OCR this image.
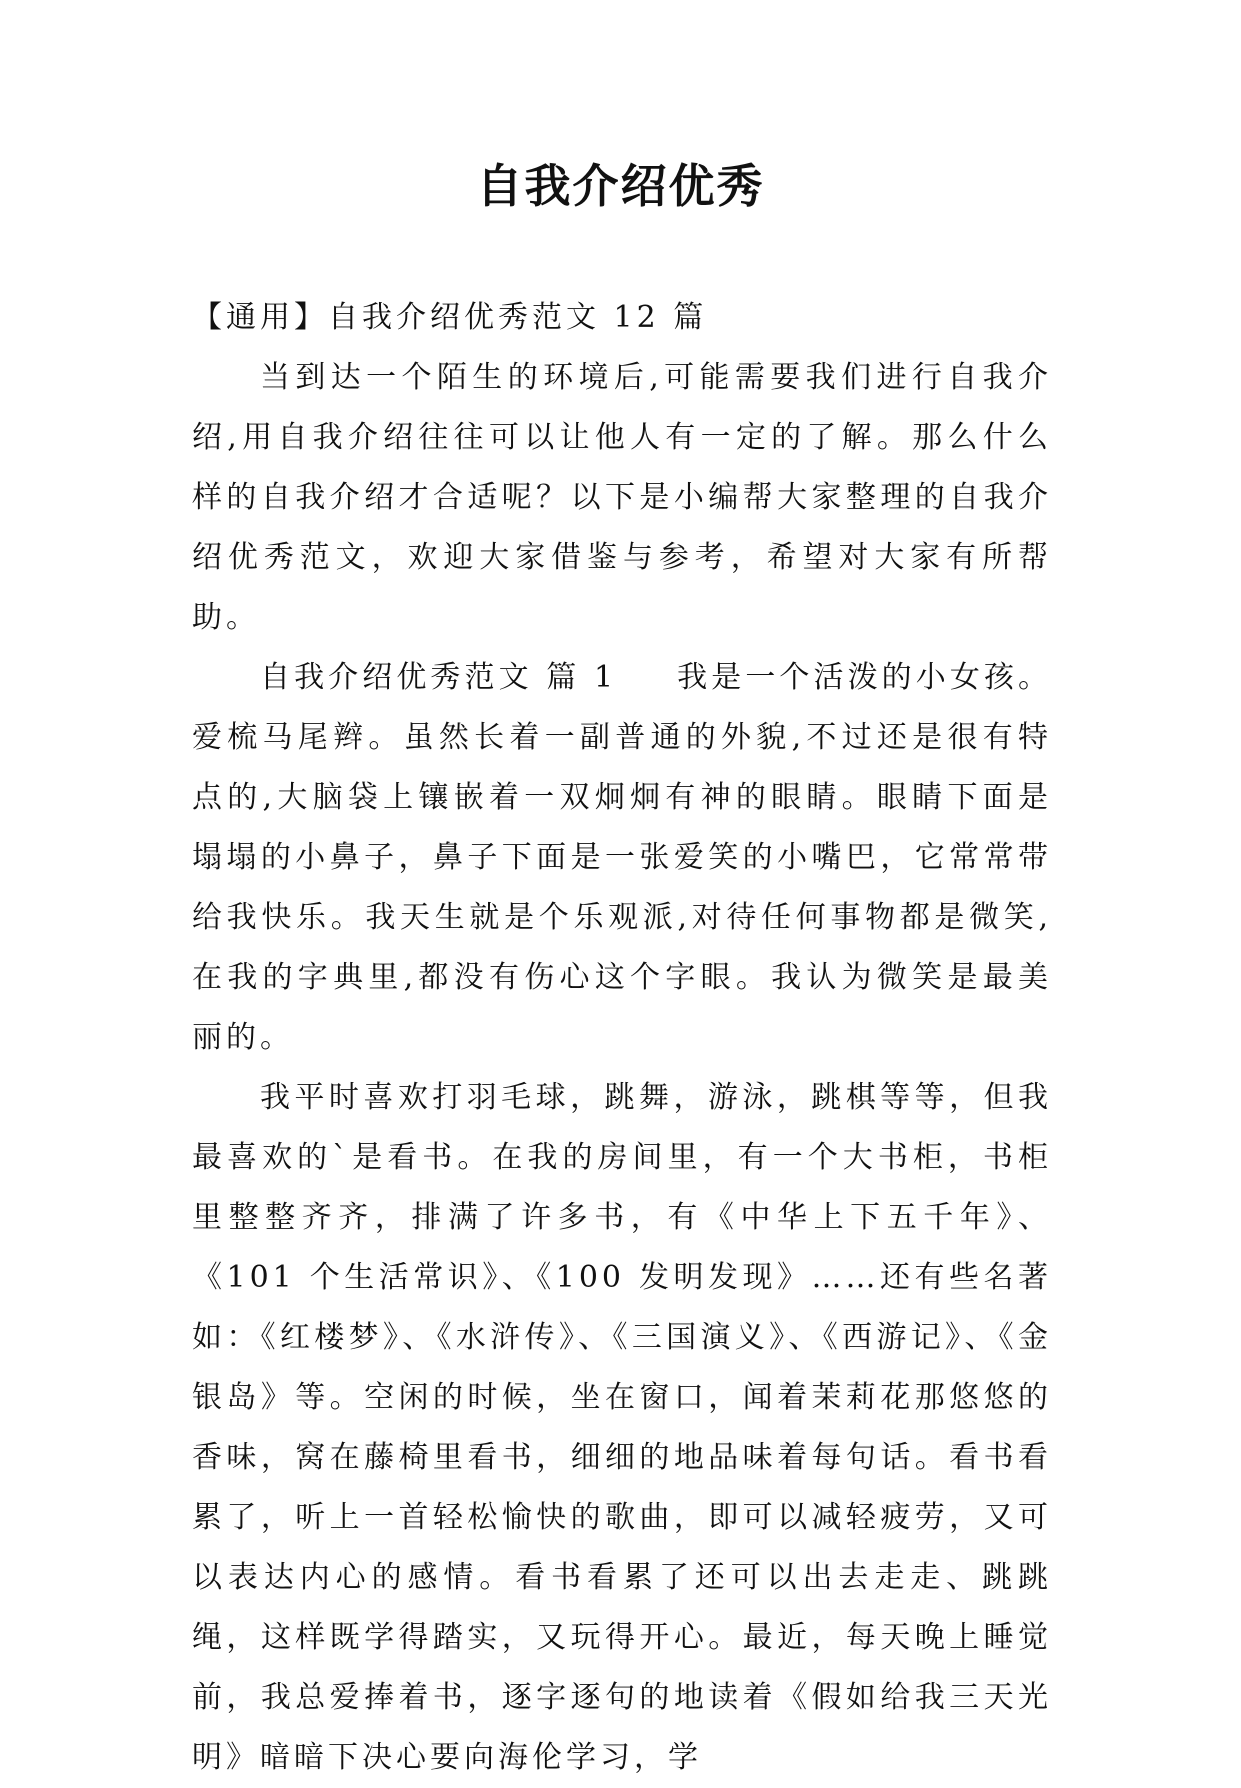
自我介绍优秀

【通用】自我介绍优秀范文 12 篇

当到达一个陌生的环境后,可能需要我们进行自我介绍,用自我介绍往往可以让他人有一定的了解。那么什么样的自我介绍才合适呢？以下是小编帮大家整理的自我介绍优秀范文，欢迎大家借鉴与参考，希望对大家有所帮助。

自我介绍优秀范文 篇 1 我是一个活泼的小女孩。爱梳马尾辫。虽然长着一副普通的外貌,不过还是很有特点的,大脑袋上镶嵌着一双炯炯有神的眼睛。眼睛下面是塌塌的小鼻子，鼻子下面是一张爱笑的小嘴巴，它常常带给我快乐。我天生就是个乐观派,对待任何事物都是微笑,在我的字典里,都没有伤心这个字眼。我认为微笑是最美丽的。

我平时喜欢打羽毛球，跳舞，游泳，跳棋等等，但我最喜欢的`是看书。在我的房间里，有一个大书柜，书柜里整整齐齐，排满了许多书，有《中华上下五千年》、《101 个生活常识》、《100 发明发现》……还有些名著如：《红楼梦》、《水浒传》、《三国演义》、《西游记》、《金银岛》等。空闲的时候，坐在窗口，闻着茉莉花那悠悠的香味，窝在藤椅里看书，细细的地品味着每句话。看书看累了，听上一首轻松愉快的歌曲，即可以减轻疲劳，又可以表达内心的感情。看书看累了还可以出去走走、跳跳绳，这样既学得踏实，又玩得开心。最近，每天晚上睡觉前，我总爱捧着书，逐字逐句的地读着《假如给我三天光明》暗暗下决心要向海伦学习，学
